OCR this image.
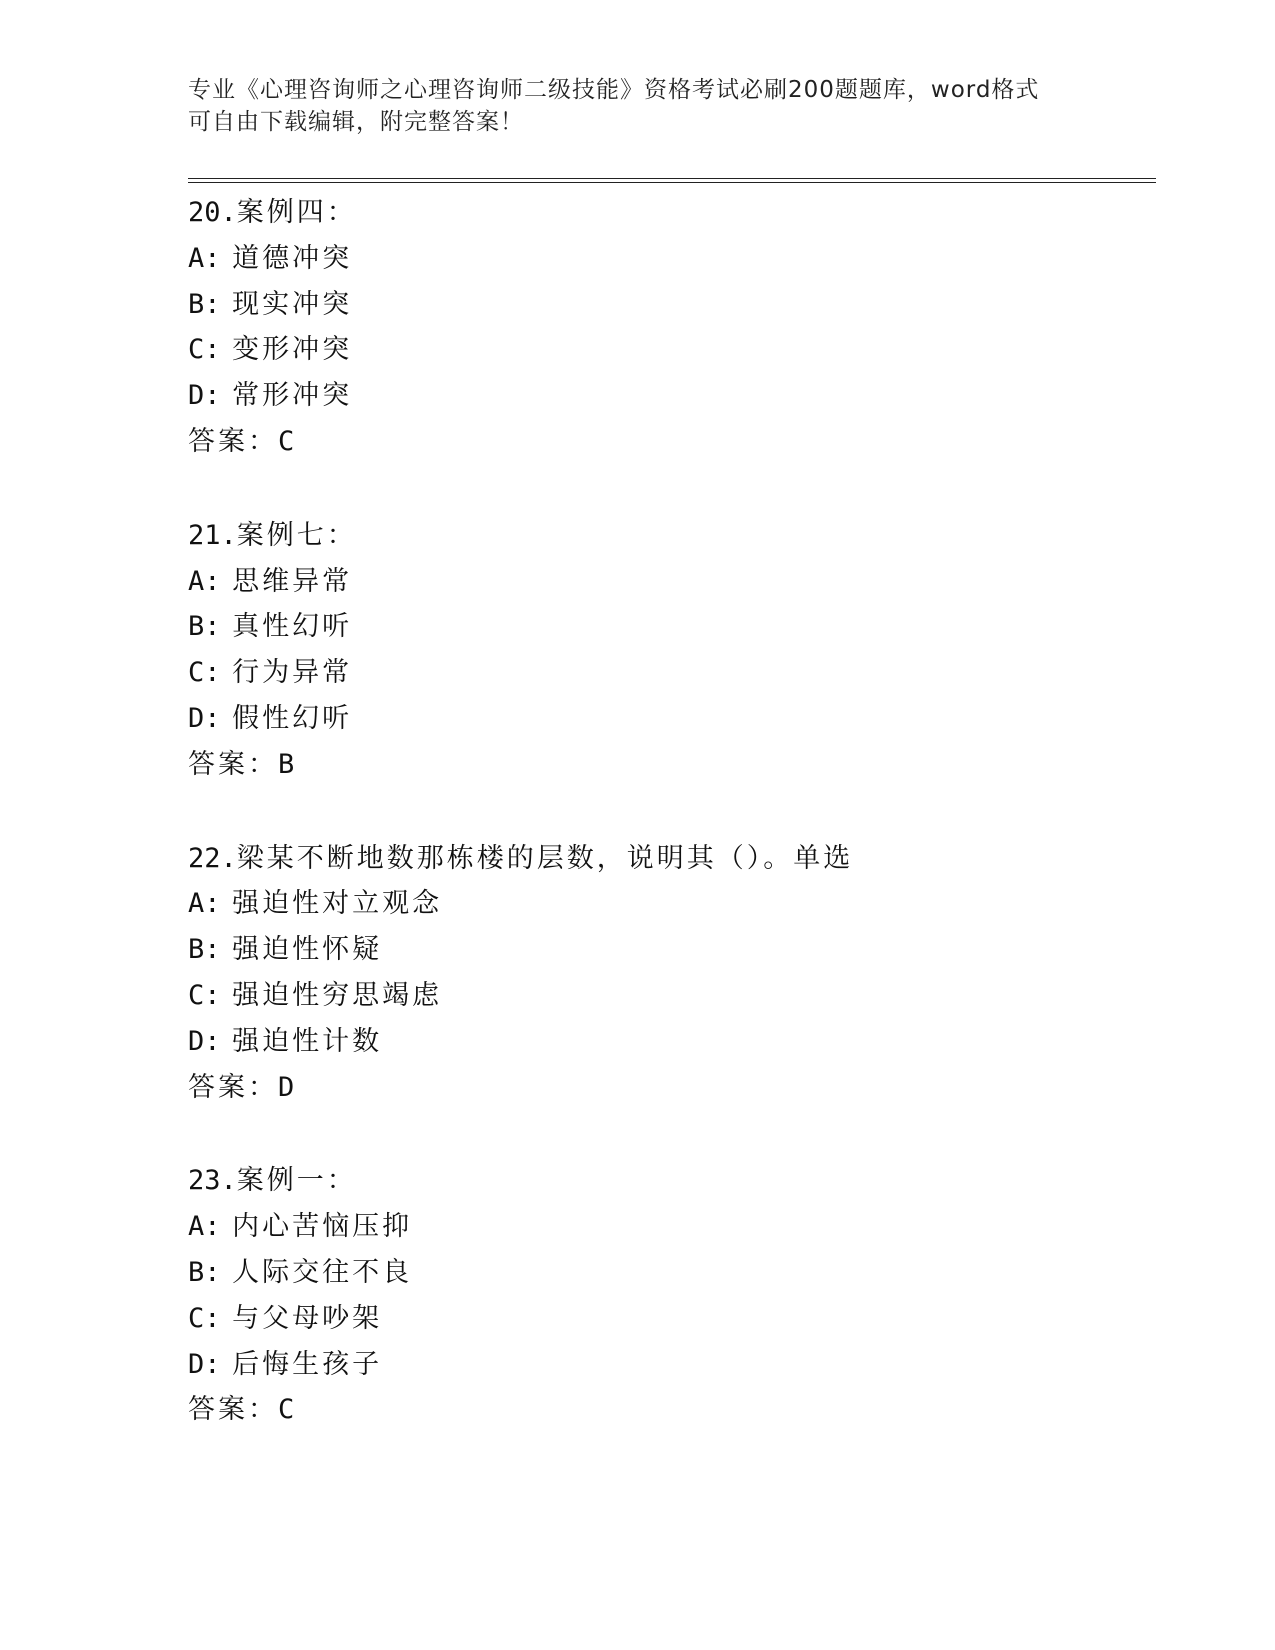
专业《心理咨询师之心理咨询师二级技能》资格考试必刷200题题库，word格式
可自由下载编辑，附完整答案！
20.案例四：
A: 道德冲突
B: 现实冲突
C: 变形冲突
D: 常形冲突
答案：C
21.案例七：
A: 思维异常
B: 真性幻听
C: 行为异常
D: 假性幻听
答案：B
22.梁某不断地数那栋楼的层数，说明其（）。单选
A: 强迫性对立观念
B: 强迫性怀疑
C: 强迫性穷思竭虑
D: 强迫性计数
答案：D
23.案例一：
A: 内心苦恼压抑
B: 人际交往不良
C: 与父母吵架
D: 后悔生孩子
答案：C
